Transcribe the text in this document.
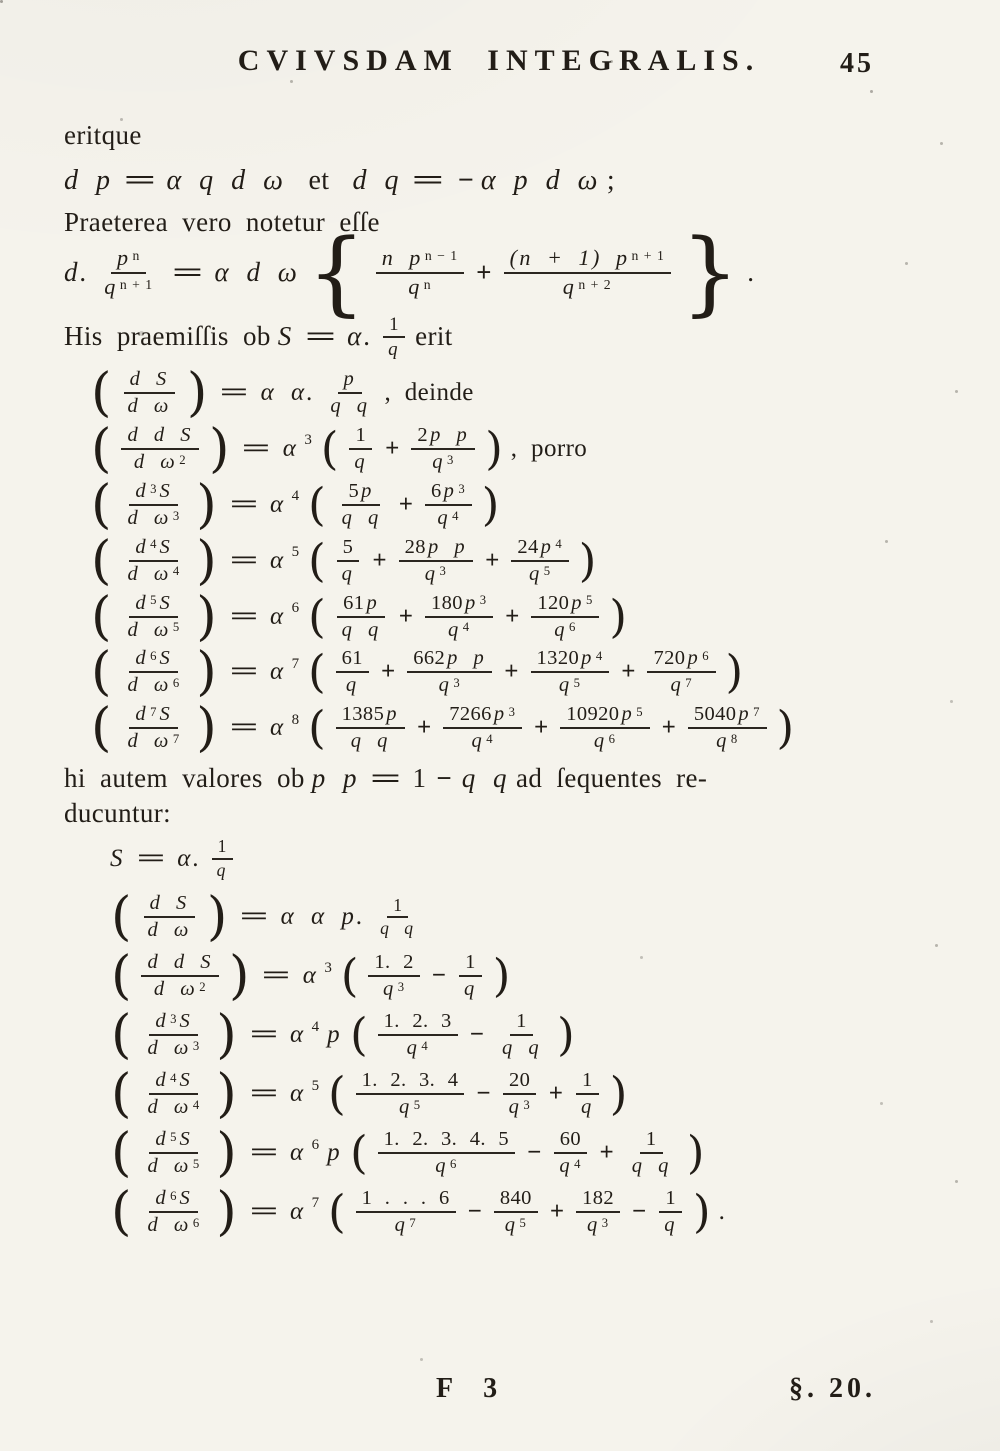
CVIVSDAM INTEGRALIS.	45

eritque

d p = α q d ω et d q = − α p d ω ;

Praeterea vero notetur eſſe

d. $\frac{p ^n}{q ^{n + 1}} = \alpha$ d ω { $\frac{n p ^{n - 1}}{q ^n} + \frac{(n + 1) p ^{n + 1}}{q ^{n + 2}}$ } .
His praemiſſis ob S = α. $\frac{1}{q}$ erit
( $\frac{\text{d S}}{\text{d ω}}$ ) = α α. $\frac{p}{\text{q q}}$ , deinde
( $\frac{\text{d d S}}{d \omega ^2}$ ) = α 3 ( $\frac{1}{q} + \frac{\text{2p p}}{q ^3}$ ) , porro
( $\frac{d ^3S}{d \omega ^3}$ ) = α 4 ( $\frac{5p}{\text{q q}} + \frac{6p ^3}{q ^4}$ )
( $\frac{d ^4S}{d \omega ^4}$ ) = α 5 ( $\frac{5}{q} + \frac{\text{28p p}}{q ^3} + \frac{24p ^4}{q ^5}$ )
( $\frac{d ^5S}{d \omega ^5}$ ) = α 6 ( $\frac{61p}{\text{q q}} + \frac{180p ^3}{q ^4} + \frac{120p ^5}{q ^6}$ )
( $\frac{d ^6S}{d \omega ^6}$ ) = α 7 ( $\frac{61}{q} + \frac{\text{662p p}}{q ^3} + \frac{1320p ^4}{q ^5} + \frac{720p ^6}{q ^7}$ )
( $\frac{d ^7S}{d \omega ^7}$ ) = α 8 ( $\frac{1385p}{\text{q q}} + \frac{7266p ^3}{q ^4} + \frac{10920p ^5}{q ^6} + \frac{5040p ^7}{q ^8}$ )
hi autem valores ob p p = 1 − q q ad ſequentes re-
ducuntur:
S = α. $\frac{1}{q}$
( $\frac{\text{d S}}{\text{d ω}}$ ) = α α p. $\frac{1}{\text{q q}}$
( $\frac{\text{d d S}}{d \omega ^2}$ ) = α 3 ( $\frac{1. 2}{q ^3} - \frac{1}{q}$ )
( $\frac{d ^3S}{d \omega ^3}$ ) = α 4 p ( $\frac{1. 2. 3}{q ^4} - \frac{1}{\text{q q}}$ )
( $\frac{d ^4S}{d \omega ^4}$ ) = α 5 ( $\frac{1. 2. 3. 4}{q ^5} - \frac{20}{q ^3} + \frac{1}{q}$ )
( $\frac{d ^5S}{d \omega ^5}$ ) = α 6 p ( $\frac{1. 2. 3. 4. 5}{q ^6} - \frac{60}{q ^4} + \frac{1}{\text{q q}}$ )
( $\frac{d ^6S}{d \omega ^6}$ ) = α 7 ( $\frac{1 . . . 6}{q ^7} - \frac{840}{q ^5} + \frac{182}{q ^3} - \frac{1}{q}$ ) .
F 3	§. 20.
